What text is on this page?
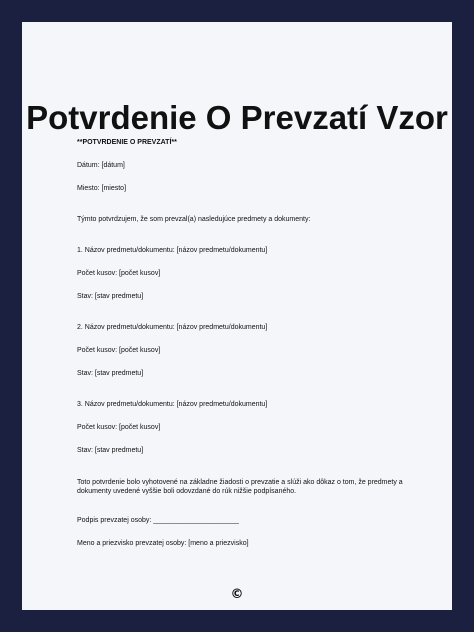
Potvrdenie O Prevzatí Vzor
**POTVRDENIE O PREVZATÍ**
Dátum: [dátum]
Miesto: [miesto]
Týmto potvrdzujem, že som prevzal(a) nasledujúce predmety a dokumenty:
1. Názov predmetu/dokumentu: [názov predmetu/dokumentu]
Počet kusov: [počet kusov]
Stav: [stav predmetu]
2. Názov predmetu/dokumentu: [názov predmetu/dokumentu]
Počet kusov: [počet kusov]
Stav: [stav predmetu]
3. Názov predmetu/dokumentu: [názov predmetu/dokumentu]
Počet kusov: [počet kusov]
Stav: [stav predmetu]
Toto potvrdenie bolo vyhotovené na základne žiadosti o prevzatie a slúži ako dôkaz o tom, že predmety a dokumenty uvedené vyššie boli odovzdané do rúk nižšie podpísaného.
Podpis prevzatej osoby: ______________________
Meno a priezvisko prevzatej osoby: [meno a priezvisko]
©
